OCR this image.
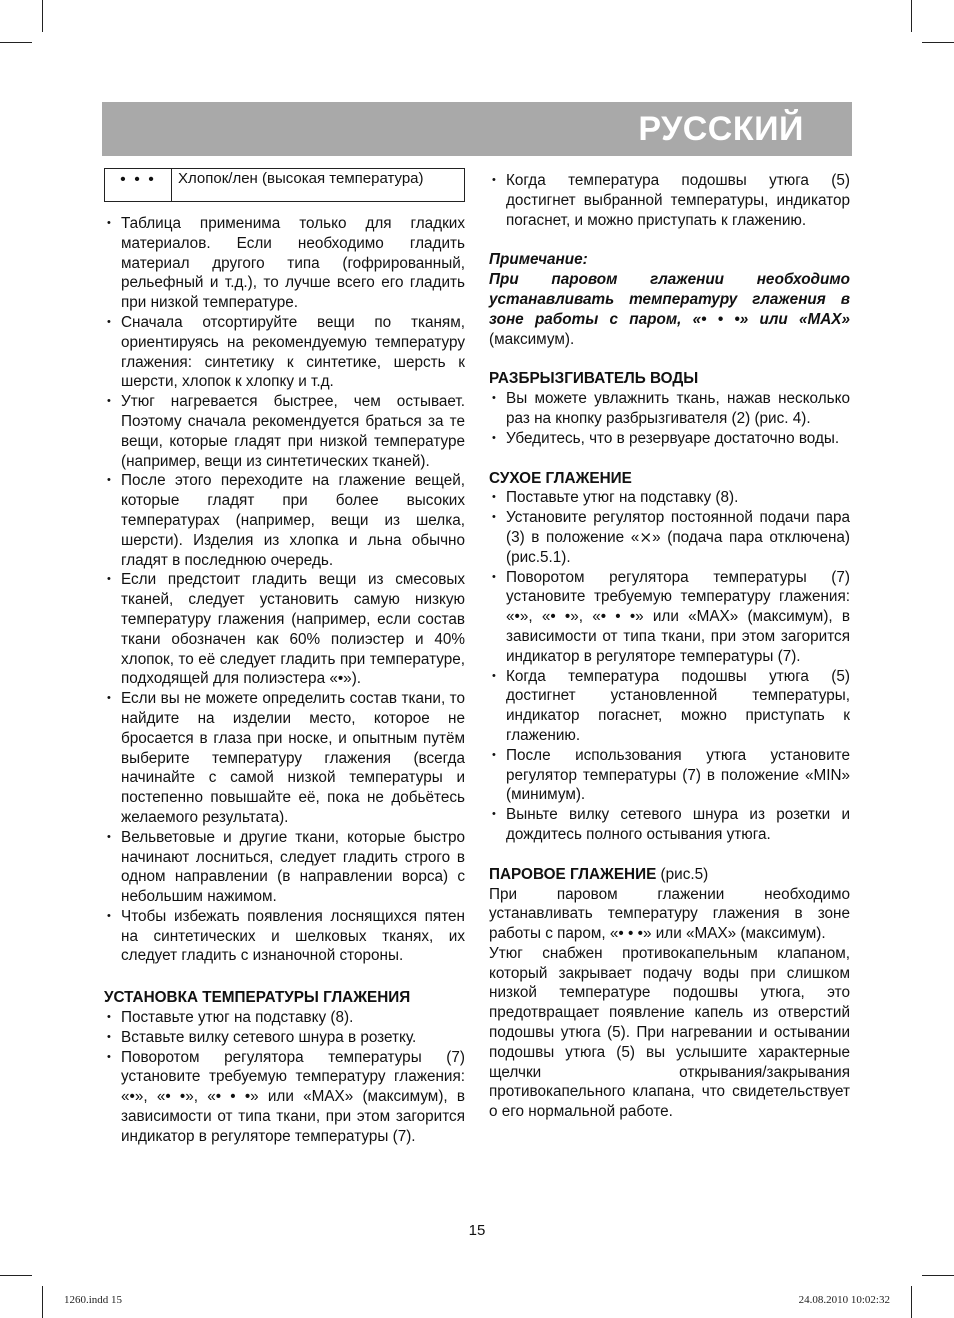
РУССКИЙ
• • •	Хлопок/лен (высокая температура)
• Таблица применима только для гладких материалов. Если необходимо гладить материал другого типа (гофрированный, рельефный и т.д.), то лучше всего его гладить при низкой температуре.
• Сначала отсортируйте вещи по тканям, ориентируясь на рекомендуемую температуру глажения: синтетику к синтетике, шерсть к шерсти, хлопок к хлопку и т.д.
• Утюг нагревается быстрее, чем остывает. Поэтому сначала рекомендуется браться за те вещи, которые гладят при низкой температуре (например, вещи из синтетических тканей).
• После этого переходите на глажение вещей, которые гладят при более высоких температурах (например, вещи из шелка, шерсти). Изделия из хлопка и льна обычно гладят в последнюю очередь.
• Если предстоит гладить вещи из смесовых тканей, следует установить самую низкую температуру глажения (например, если состав ткани обозначен как 60% полиэстер и 40% хлопок, то её следует гладить при температуре, подходящей для полиэстера «•»).
• Если вы не можете определить состав ткани, то найдите на изделии место, которое не бросается в глаза при носке, и опытным путём выберите температуру глажения (всегда начинайте с самой низкой температуры и постепенно повышайте её, пока не добьётесь желаемого результата).
• Вельветовые и другие ткани, которые быстро начинают лосниться, следует гладить строго в одном направлении (в направлении ворса) с небольшим нажимом.
• Чтобы избежать появления лоснящихся пятен на синтетических и шелковых тканях, их следует гладить с изнаночной стороны.
УСТАНОВКА ТЕМПЕРАТУРЫ ГЛАЖЕНИЯ
• Поставьте утюг на подставку (8).
• Вставьте вилку сетевого шнура в розетку.
• Поворотом регулятора температуры (7) установите требуемую температуру глажения: «•», «• •», «• • •» или «MAX» (максимум), в зависимости от типа ткани, при этом загорится индикатор в регуляторе температуры (7).
• Когда температура подошвы утюга (5) достигнет выбранной температуры, индикатор погаснет, и можно приступать к глажению.
Примечание:

При паровом глажении необходимо устанавливать температуру глажения в зоне работы с паром, «• • •» или «MAX» (максимум).

РАЗБРЫЗГИВАТЕЛЬ ВОДЫ
• Вы можете увлажнить ткань, нажав несколько раз на кнопку разбрызгивателя (2) (рис. 4).
• Убедитесь, что в резервуаре достаточно воды.
СУХОЕ ГЛАЖЕНИЕ
• Поставьте утюг на подставку (8).
• Установите регулятор постоянной подачи пара (3) в положение «⨯» (подача пара отключена) (рис.5.1).
• Поворотом регулятора температуры (7) установите требуемую температуру глажения: «•», «• •», «• • •» или «MAX» (максимум), в зависимости от типа ткани, при этом загорится индикатор в регуляторе температуры (7).
• Когда температура подошвы утюга (5) достигнет установленной температуры, индикатор погаснет, можно приступать к глажению.
• После использования утюга установите регулятор температуры (7) в положение «MIN» (минимум).
• Выньте вилку сетевого шнура из розетки и дождитесь полного остывания утюга.
ПАРОВОЕ ГЛАЖЕНИЕ (рис.5)

При паровом глажении необходимо устанавливать температуру глажения в зоне работы с паром, «• • •» или «MAX» (максимум).

Утюг снабжен противокапельным клапаном, который закрывает подачу воды при слишком низкой температуре подошвы утюга, это предотвращает появление капель из отверстий подошвы утюга (5). При нагревании и остывании подошвы утюга (5) вы услышите характерные щелчки открывания/закрывания противокапельного клапана, что свидетельствует о его нормальной работе.

15
1260.indd 15	24.08.2010 10:02:32
